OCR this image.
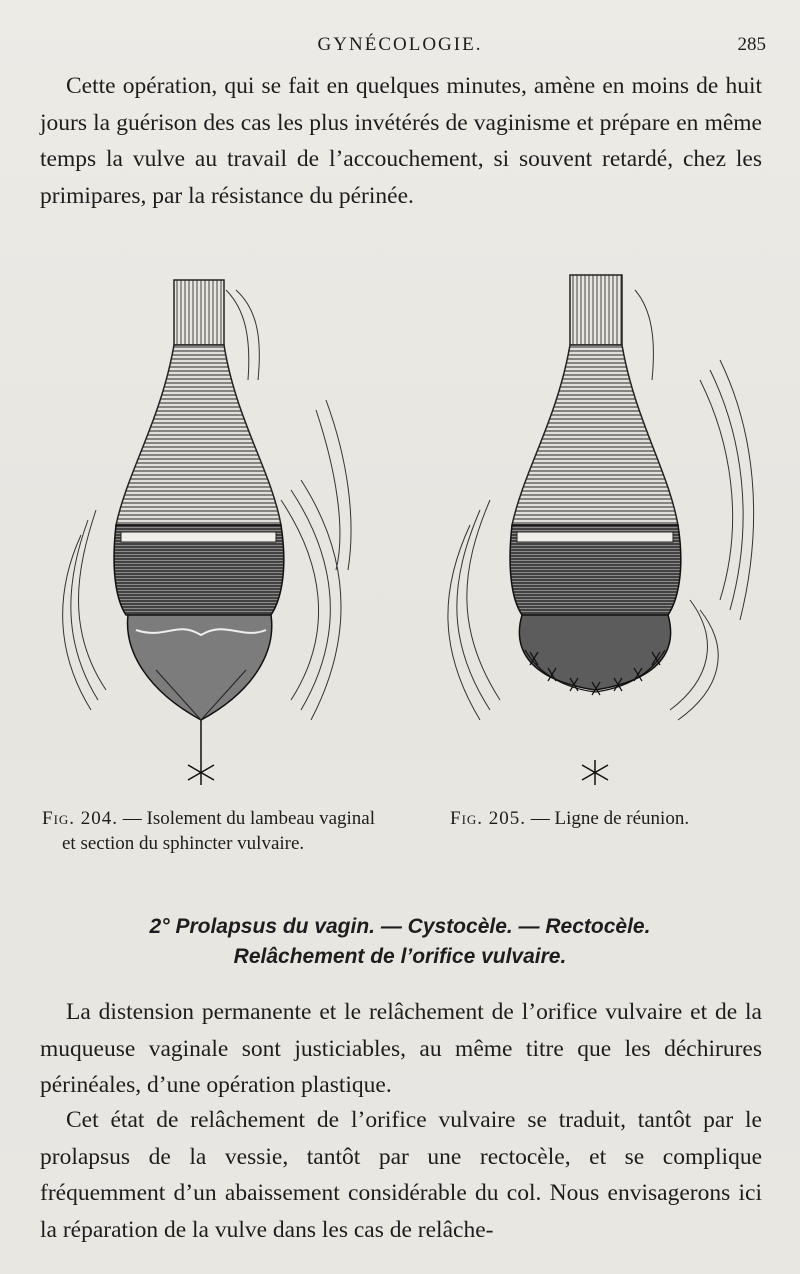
GYNÉCOLOGIE.	285

Cette opération, qui se fait en quelques minutes, amène en moins de huit jours la guérison des cas les plus invétérés de vaginisme et prépare en même temps la vulve au travail de l’accouchement, si souvent retardé, chez les primipares, par la résistance du périnée.

Fig. 204. — Isolement du lambeau vaginal et section du sphincter vulvaire.

Fig. 205. — Ligne de réunion.

2° Prolapsus du vagin. — Cystocèle. — Rectocèle.

Relâchement de l’orifice vulvaire.

La distension permanente et le relâchement de l’orifice vulvaire et de la muqueuse vaginale sont justiciables, au même titre que les déchirures périnéales, d’une opération plastique.

Cet état de relâchement de l’orifice vulvaire se traduit, tantôt par le prolapsus de la vessie, tantôt par une rectocèle, et se complique fréquemment d’un abaissement considérable du col. Nous envisagerons ici la réparation de la vulve dans les cas de relâche-
